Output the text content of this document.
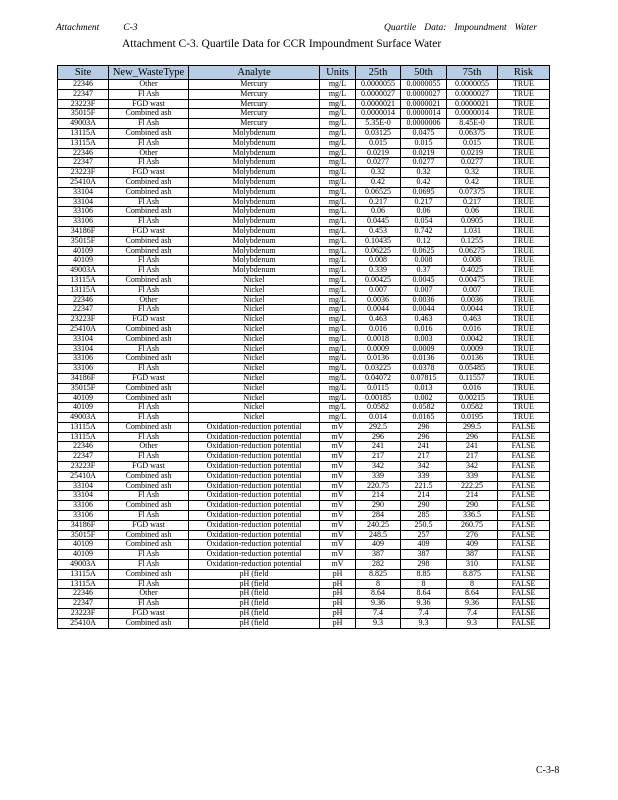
Attachment	C-3	Quartile Data: Impoundment Water
Attachment C-3. Quartile Data for CCR Impoundment Surface Water
Site	New_WasteType	Analyte	Units	25th	50th	75th	Risk
22346	Other	Mercury	mg/L	0.0000055	0.0000055	0.0000055	TRUE
22347	Fl Ash	Mercury	mg/L	0.0000027	0.0000027	0.0000027	TRUE
23223F	FGD wast	Mercury	mg/L	0.0000021	0.0000021	0.0000021	TRUE
35015F	Combined ash	Mercury	mg/L	0.0000014	0.0000014	0.0000014	TRUE
49003A	Fl Ash	Mercury	mg/L	5.35E-0	0.0000006	8.45E-0	TRUE
13115A	Combined ash	Molybdenum	mg/L	0.03125	0.0475	0.06375	TRUE
13115A	Fl Ash	Molybdenum	mg/L	0.015	0.015	0.015	TRUE
22346	Other	Molybdenum	mg/L	0.0219	0.0219	0.0219	TRUE
22347	Fl Ash	Molybdenum	mg/L	0.0277	0.0277	0.0277	TRUE
23223F	FGD wast	Molybdenum	mg/L	0.32	0.32	0.32	TRUE
25410A	Combined ash	Molybdenum	mg/L	0.42	0.42	0.42	TRUE
33104	Combined ash	Molybdenum	mg/L	0.06525	0.0695	0.07375	TRUE
33104	Fl Ash	Molybdenum	mg/L	0.217	0.217	0.217	TRUE
33106	Combined ash	Molybdenum	mg/L	0.06	0.06	0.06	TRUE
33106	Fl Ash	Molybdenum	mg/L	0.0445	0.054	0.0905	TRUE
34186F	FGD wast	Molybdenum	mg/L	0.453	0.742	1.031	TRUE
35015F	Combined ash	Molybdenum	mg/L	0.10435	0.12	0.1255	TRUE
40109	Combined ash	Molybdenum	mg/L	0.06225	0.0625	0.06275	TRUE
40109	Fl Ash	Molybdenum	mg/L	0.008	0.008	0.008	TRUE
49003A	Fl Ash	Molybdenum	mg/L	0.339	0.37	0.4025	TRUE
13115A	Combined ash	Nickel	mg/L	0.00425	0.0045	0.00475	TRUE
13115A	Fl Ash	Nickel	mg/L	0.007	0.007	0.007	TRUE
22346	Other	Nickel	mg/L	0.0036	0.0036	0.0036	TRUE
22347	Fl Ash	Nickel	mg/L	0.0044	0.0044	0.0044	TRUE
23223F	FGD wast	Nickel	mg/L	0.463	0.463	0.463	TRUE
25410A	Combined ash	Nickel	mg/L	0.016	0.016	0.016	TRUE
33104	Combined ash	Nickel	mg/L	0.0018	0.003	0.0042	TRUE
33104	Fl Ash	Nickel	mg/L	0.0009	0.0009	0.0009	TRUE
33106	Combined ash	Nickel	mg/L	0.0136	0.0136	0.0136	TRUE
33106	Fl Ash	Nickel	mg/L	0.03225	0.0378	0.05485	TRUE
34186F	FGD wast	Nickel	mg/L	0.04072	0.07815	0.11557	TRUE
35015F	Combined ash	Nickel	mg/L	0.0115	0.013	0.016	TRUE
40109	Combined ash	Nickel	mg/L	0.00185	0.002	0.00215	TRUE
40109	Fl Ash	Nickel	mg/L	0.0582	0.0582	0.0582	TRUE
49003A	Fl Ash	Nickel	mg/L	0.014	0.0165	0.0195	TRUE
13115A	Combined ash	Oxidation-reduction potential	mV	292.5	296	299.5	FALSE
13115A	Fl Ash	Oxidation-reduction potential	mV	296	296	296	FALSE
22346	Other	Oxidation-reduction potential	mV	241	241	241	FALSE
22347	Fl Ash	Oxidation-reduction potential	mV	217	217	217	FALSE
23223F	FGD wast	Oxidation-reduction potential	mV	342	342	342	FALSE
25410A	Combined ash	Oxidation-reduction potential	mV	339	339	339	FALSE
33104	Combined ash	Oxidation-reduction potential	mV	220.75	221.5	222.25	FALSE
33104	Fl Ash	Oxidation-reduction potential	mV	214	214	214	FALSE
33106	Combined ash	Oxidation-reduction potential	mV	290	290	290	FALSE
33106	Fl Ash	Oxidation-reduction potential	mV	284	285	336.5	FALSE
34186F	FGD wast	Oxidation-reduction potential	mV	240.25	250.5	260.75	FALSE
35015F	Combined ash	Oxidation-reduction potential	mV	248.5	257	276	FALSE
40109	Combined ash	Oxidation-reduction potential	mV	409	409	409	FALSE
40109	Fl Ash	Oxidation-reduction potential	mV	387	387	387	FALSE
49003A	Fl Ash	Oxidation-reduction potential	mV	282	298	310	FALSE
13115A	Combined ash	pH (field	pH	8.825	8.85	8.875	FALSE
13115A	Fl Ash	pH (field	pH	8	8	8	FALSE
22346	Other	pH (field	pH	8.64	8.64	8.64	FALSE
22347	Fl Ash	pH (field	pH	9.36	9.36	9.36	FALSE
23223F	FGD wast	pH (field	pH	7.4	7.4	7.4	FALSE
25410A	Combined ash	pH (field	pH	9.3	9.3	9.3	FALSE
C-3-8
